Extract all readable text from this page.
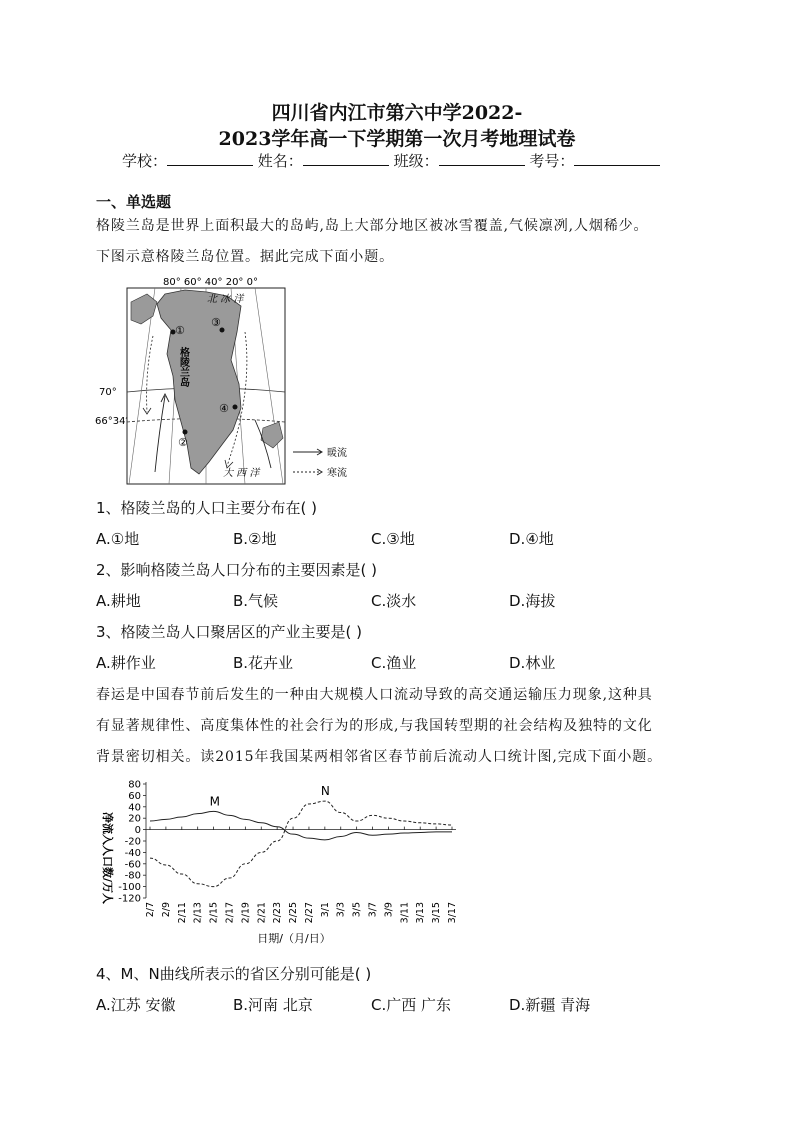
四川省内江市第六中学2022-
2023学年高一下学期第一次月考地理试卷
学校：	姓名：	班级：	考号：
一、单选题
格陵兰岛是世界上面积最大的岛屿,岛上大部分地区被冰雪覆盖,气候凛冽,人烟稀少。
下图示意格陵兰岛位置。据此完成下面小题。
80° 60° 40° 20° 0°
70°
66°34′
北 冰 洋
大 西 洋
格陵兰岛
①
②
③
④
暖流
寒流
1、格陵兰岛的人口主要分布在( )
A.①地	B.②地	C.③地	D.④地
2、影响格陵兰岛人口分布的主要因素是( )
A.耕地	B.气候	C.淡水	D.海拔
3、格陵兰岛人口聚居区的产业主要是( )
A.耕作业	B.花卉业	C.渔业	D.林业
春运是中国春节前后发生的一种由大规模人口流动导致的高交通运输压力现象,这种具
有显著规律性、高度集体性的社会行为的形成,与我国转型期的社会结构及独特的文化
背景密切相关。读2015年我国某两相邻省区春节前后流动人口统计图,完成下面小题。
净流入人口数/万人
日期/（月/日）
80
60
40
20
0
-20
-40
-60
-80
-100
-120
2/7 2/9 2/11 2/13 2/15 2/17 2/19 2/21 2/23 2/25 2/27 3/1 3/3 3/5 3/7 3/9 3/11 3/13 3/15 3/17
M
N
4、M、N曲线所表示的省区分别可能是( )
A.江苏 安徽	B.河南 北京	C.广西 广东	D.新疆 青海
